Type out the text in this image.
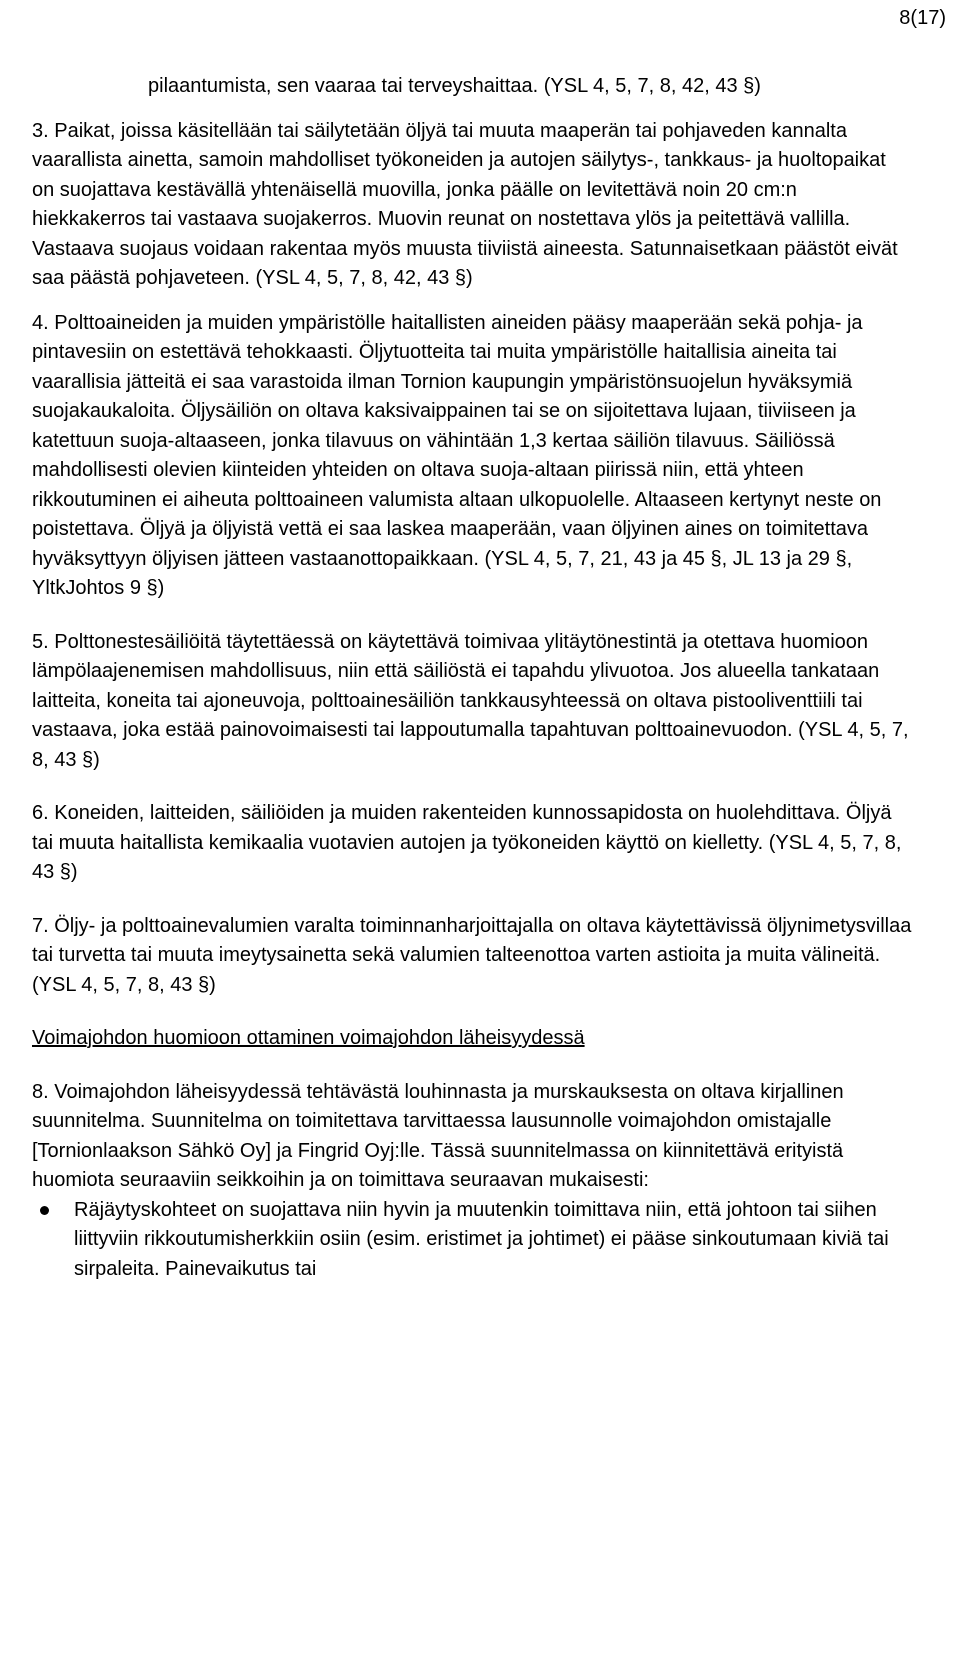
8(17)

pilaantumista, sen vaaraa tai terveyshaittaa. (YSL 4, 5, 7, 8, 42, 43 §)

3. Paikat, joissa käsitellään tai säilytetään öljyä tai muuta maaperän tai pohjaveden kannalta vaarallista ainetta, samoin mahdolliset työkoneiden ja autojen säilytys-, tankkaus- ja huoltopaikat on suojattava kestävällä yhtenäisellä muovilla, jonka päälle on levitettävä noin 20 cm:n hiekkakerros tai vastaava suojakerros. Muovin reunat on nostettava ylös ja peitettävä vallilla. Vastaava suojaus voidaan rakentaa myös muusta tiiviistä aineesta. Satunnaisetkaan päästöt eivät saa päästä pohjaveteen. (YSL 4, 5, 7, 8, 42, 43 §)

4. Polttoaineiden ja muiden ympäristölle haitallisten aineiden pääsy maaperään sekä pohja- ja pintavesiin on estettävä tehokkaasti. Öljytuotteita tai muita ympäristölle haitallisia aineita tai vaarallisia jätteitä ei saa varastoida ilman Tornion kaupungin ympäristönsuojelun hyväksymiä suojakaukaloita. Öljysäiliön on oltava kaksivaippainen tai se on sijoitettava lujaan, tiiviiseen ja katettuun suoja-altaaseen, jonka tilavuus on vähintään 1,3 kertaa säiliön tilavuus. Säiliössä mahdollisesti olevien kiinteiden yhteiden on oltava suoja-altaan piirissä niin, että yhteen rikkoutuminen ei aiheuta polttoaineen valumista altaan ulkopuolelle. Altaaseen kertynyt neste on poistettava. Öljyä ja öljyistä vettä ei saa laskea maaperään, vaan öljyinen aines on toimitettava hyväksyttyyn öljyisen jätteen vastaanottopaikkaan. (YSL 4, 5, 7, 21, 43 ja 45 §, JL 13 ja 29 §, YltkJohtos 9 §)

5. Polttonestesäiliöitä täytettäessä on käytettävä toimivaa ylitäytönestintä ja otettava huomioon lämpölaajenemisen mahdollisuus, niin että säiliöstä ei tapahdu ylivuotoa. Jos alueella tankataan laitteita, koneita tai ajoneuvoja, polttoainesäiliön tankkausyhteessä on oltava pistooliventtiili tai vastaava, joka estää painovoimaisesti tai lappoutumalla tapahtuvan polttoainevuodon. (YSL 4, 5, 7, 8, 43 §)

6. Koneiden, laitteiden, säiliöiden ja muiden rakenteiden kunnossapidosta on huolehdittava. Öljyä tai muuta haitallista kemikaalia vuotavien autojen ja työkoneiden käyttö on kielletty. (YSL 4, 5, 7, 8, 43 §)

7. Öljy- ja polttoainevalumien varalta toiminnanharjoittajalla on oltava käytettävissä öljynimetysvillaa tai turvetta tai muuta imeytysainetta sekä valumien talteenottoa varten astioita ja muita välineitä. (YSL 4, 5, 7, 8, 43 §)

Voimajohdon huomioon ottaminen voimajohdon läheisyydessä

8. Voimajohdon läheisyydessä tehtävästä louhinnasta ja murskauksesta on oltava kirjallinen suunnitelma. Suunnitelma on toimitettava tarvittaessa lausunnolle voimajohdon omistajalle [Tornionlaakson Sähkö Oy] ja Fingrid Oyj:lle. Tässä suunnitelmassa on kiinnitettävä erityistä huomiota seuraaviin seikkoihin ja on toimittava seuraavan mukaisesti:

Räjäytyskohteet on suojattava niin hyvin ja muutenkin toimittava niin, että johtoon tai siihen liittyviin rikkoutumisherkkiin osiin (esim. eristimet ja johtimet) ei pääse sinkoutumaan kiviä tai sirpaleita. Painevaikutus tai
